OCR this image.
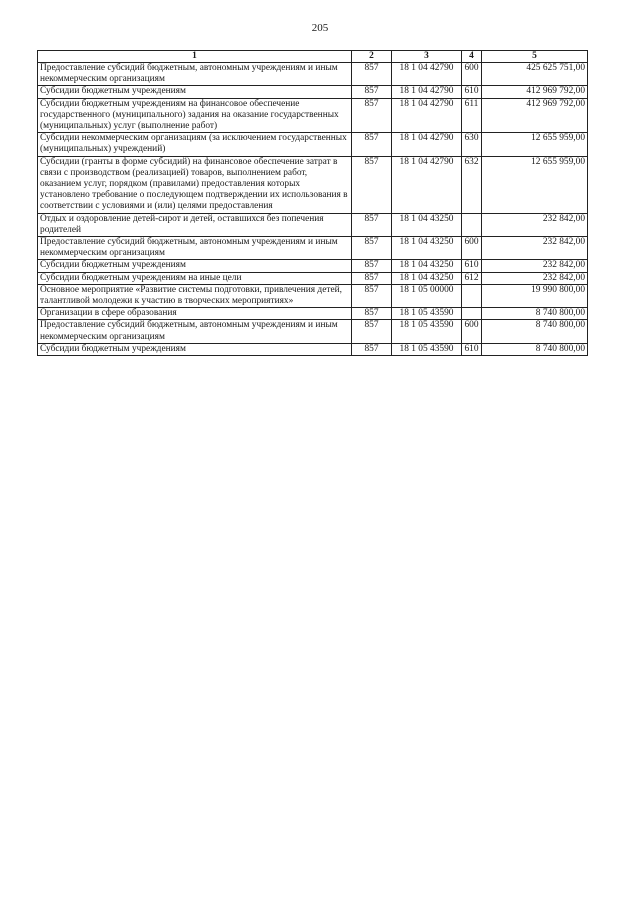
205
1	2	3	4	5
Предоставление субсидий бюджетным, автономным учреждениям и иным некоммерческим организациям	857	18 1 04 42790	600	425 625 751,00
Субсидии бюджетным учреждениям	857	18 1 04 42790	610	412 969 792,00
Субсидии бюджетным учреждениям на финансовое обеспечение государственного (муниципального) задания на оказание государственных (муниципальных) услуг (выполнение работ)	857	18 1 04 42790	611	412 969 792,00
Субсидии некоммерческим организациям (за исключением государственных (муниципальных) учреждений)	857	18 1 04 42790	630	12 655 959,00
Субсидии (гранты в форме субсидий) на финансовое обеспечение затрат в связи с производством (реализацией) товаров, выполнением работ, оказанием услуг, порядком (правилами) предоставления которых установлено требование о последующем подтверждении их использования в соответствии с условиями и (или) целями предоставления	857	18 1 04 42790	632	12 655 959,00
Отдых и оздоровление детей-сирот и детей, оставшихся без попечения родителей	857	18 1 04 43250		232 842,00
Предоставление субсидий бюджетным, автономным учреждениям и иным некоммерческим организациям	857	18 1 04 43250	600	232 842,00
Субсидии бюджетным учреждениям	857	18 1 04 43250	610	232 842,00
Субсидии бюджетным учреждениям на иные цели	857	18 1 04 43250	612	232 842,00
Основное мероприятие «Развитие системы подготовки, привлечения детей, талантливой молодежи к участию в творческих мероприятиях»	857	18 1 05 00000		19 990 800,00
Организации в сфере образования	857	18 1 05 43590		8 740 800,00
Предоставление субсидий бюджетным, автономным учреждениям и иным некоммерческим организациям	857	18 1 05 43590	600	8 740 800,00
Субсидии бюджетным учреждениям	857	18 1 05 43590	610	8 740 800,00
